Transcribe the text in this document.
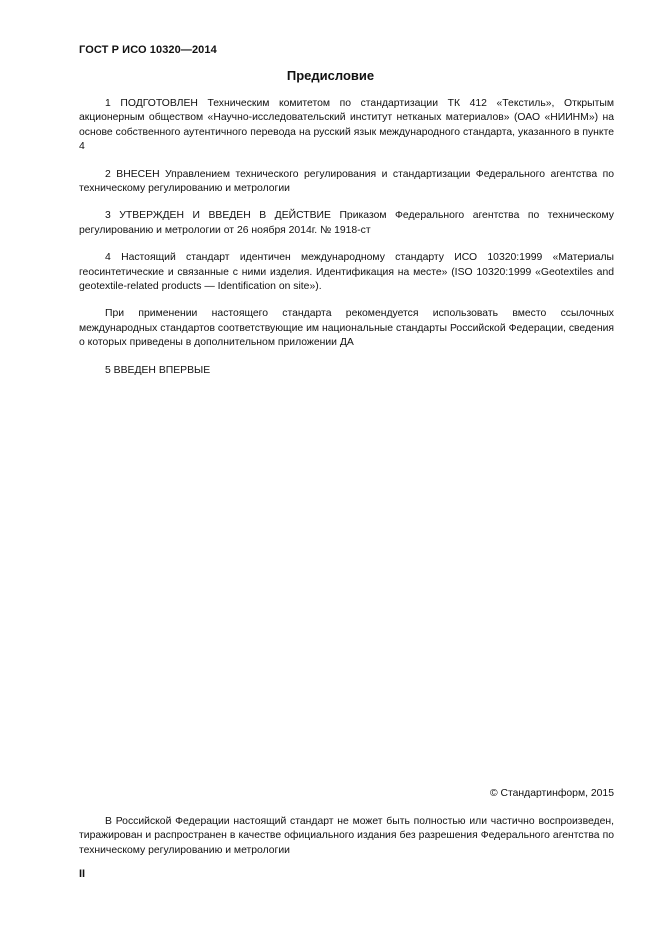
ГОСТ Р ИСО 10320—2014
Предисловие

1 ПОДГОТОВЛЕН Техническим комитетом по стандартизации ТК 412 «Текстиль», Открытым акционерным обществом «Научно-исследовательский институт нетканых материалов» (ОАО «НИИНМ») на основе собственного аутентичного перевода на русский язык международного стандарта, указанного в пункте 4

2 ВНЕСЕН Управлением технического регулирования и стандартизации Федерального агентства по техническому регулированию и метрологии

3 УТВЕРЖДЕН И ВВЕДЕН В ДЕЙСТВИЕ Приказом Федерального агентства по техническому регулированию и метрологии от 26 ноября 2014г. № 1918-ст

4 Настоящий стандарт идентичен международному стандарту ИСО 10320:1999 «Материалы геосинтетические и связанные с ними изделия. Идентификация на месте» (ISO 10320:1999 «Geotextiles and geotextile-related products — Identification on site»).

При применении настоящего стандарта рекомендуется использовать вместо ссылочных международных стандартов соответствующие им национальные стандарты Российской Федерации, сведения о которых приведены в дополнительном приложении ДА

5 ВВЕДЕН ВПЕРВЫЕ

© Стандартинформ, 2015

В Российской Федерации настоящий стандарт не может быть полностью или частично воспроизведен, тиражирован и распространен в качестве официального издания без разрешения Федерального агентства по техническому регулированию и метрологии

II
